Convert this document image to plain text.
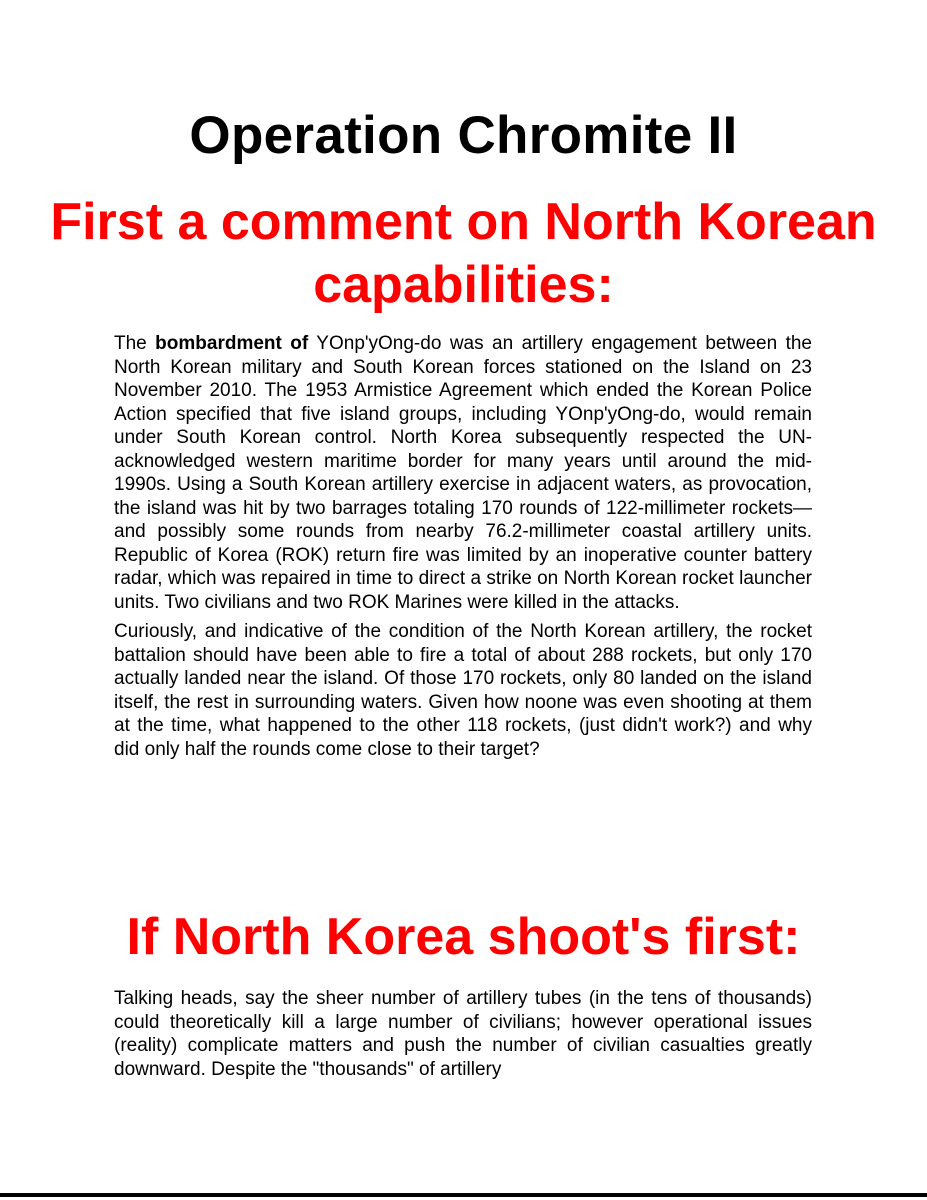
Operation Chromite II
First a comment on North Korean capabilities:

The bombardment of YOnp'yOng-do was an artillery engagement between the North Korean military and South Korean forces stationed on the Island on 23 November 2010. The 1953 Armistice Agreement which ended the Korean Police Action specified that five island groups, including YOnp'yOng-do, would remain under South Korean control. North Korea subsequently respected the UN-acknowledged western maritime border for many years until around the mid-1990s. Using a South Korean artillery exercise in adjacent waters, as provocation, the island was hit by two barrages totaling 170 rounds of 122-millimeter rockets—and possibly some rounds from nearby 76.2-millimeter coastal artillery units. Republic of Korea (ROK) return fire was limited by an inoperative counter battery radar, which was repaired in time to direct a strike on North Korean rocket launcher units. Two civilians and two ROK Marines were killed in the attacks.

Curiously, and indicative of the condition of the North Korean artillery, the rocket battalion should have been able to fire a total of about 288 rockets, but only 170 actually landed near the island. Of those 170 rockets, only 80 landed on the island itself, the rest in surrounding waters. Given how noone was even shooting at them at the time, what happened to the other 118 rockets, (just didn't work?) and why did only half the rounds come close to their target?

If North Korea shoot's first:

Talking heads, say the sheer number of artillery tubes (in the tens of thousands) could theoretically kill a large number of civilians; however operational issues (reality) complicate matters and push the number of civilian casualties greatly downward. Despite the "thousands" of artillery
